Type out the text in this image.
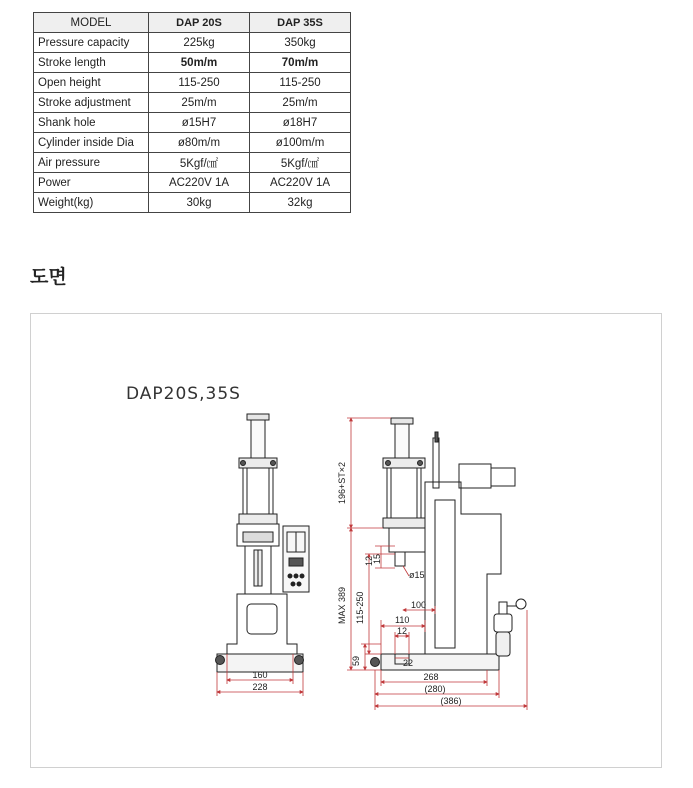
MODEL	DAP 20S	DAP 35S
Pressure capacity	225kg	350kg
Stroke length	50m/m	70m/m
Open height	115-250	115-250
Stroke adjustment	25m/m	25m/m
Shank hole	ø15H7	ø18H7
Cylinder inside Dia	ø80m/m	ø100m/m
Air pressure	5Kgf/㎠	5Kgf/㎠
Power	AC220V 1A	AC220V 1A
Weight(kg)	30kg	32kg
도면
DAP20S,35S
160
228
196+ST×2
MAX 389 115-250
12
15
ø15
100
110
12
59	22
268
(280)
(386)
